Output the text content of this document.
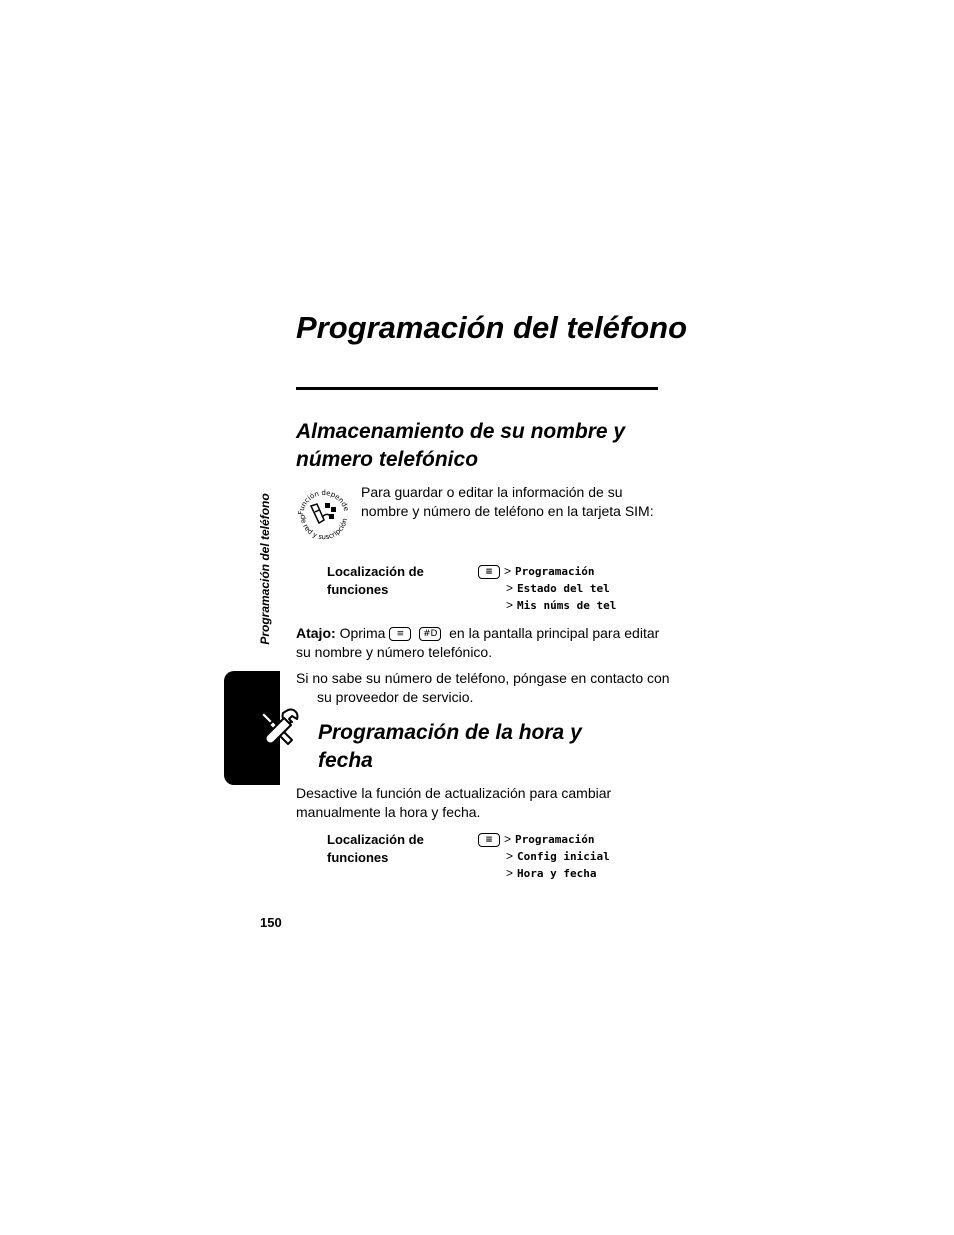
Programación del teléfono
Programación del teléfono
Almacenamiento de su nombre y número telefónico
Función depende
de red y suscripción
Para guardar o editar la información de su nombre y número de teléfono en la tarjeta SIM:
Localización de funciones
≡ > Programación
> Estado del tel
> Mis núms de tel
Atajo: Oprima ≡ #D en la pantalla principal para editar su nombre y número telefónico.
Si no sabe su número de teléfono, póngase en contacto con su proveedor de servicio.
Programación de la hora y fecha
Desactive la función de actualización para cambiar manualmente la hora y fecha.
Localización de funciones
≡ > Programación
> Config inicial
> Hora y fecha
150
